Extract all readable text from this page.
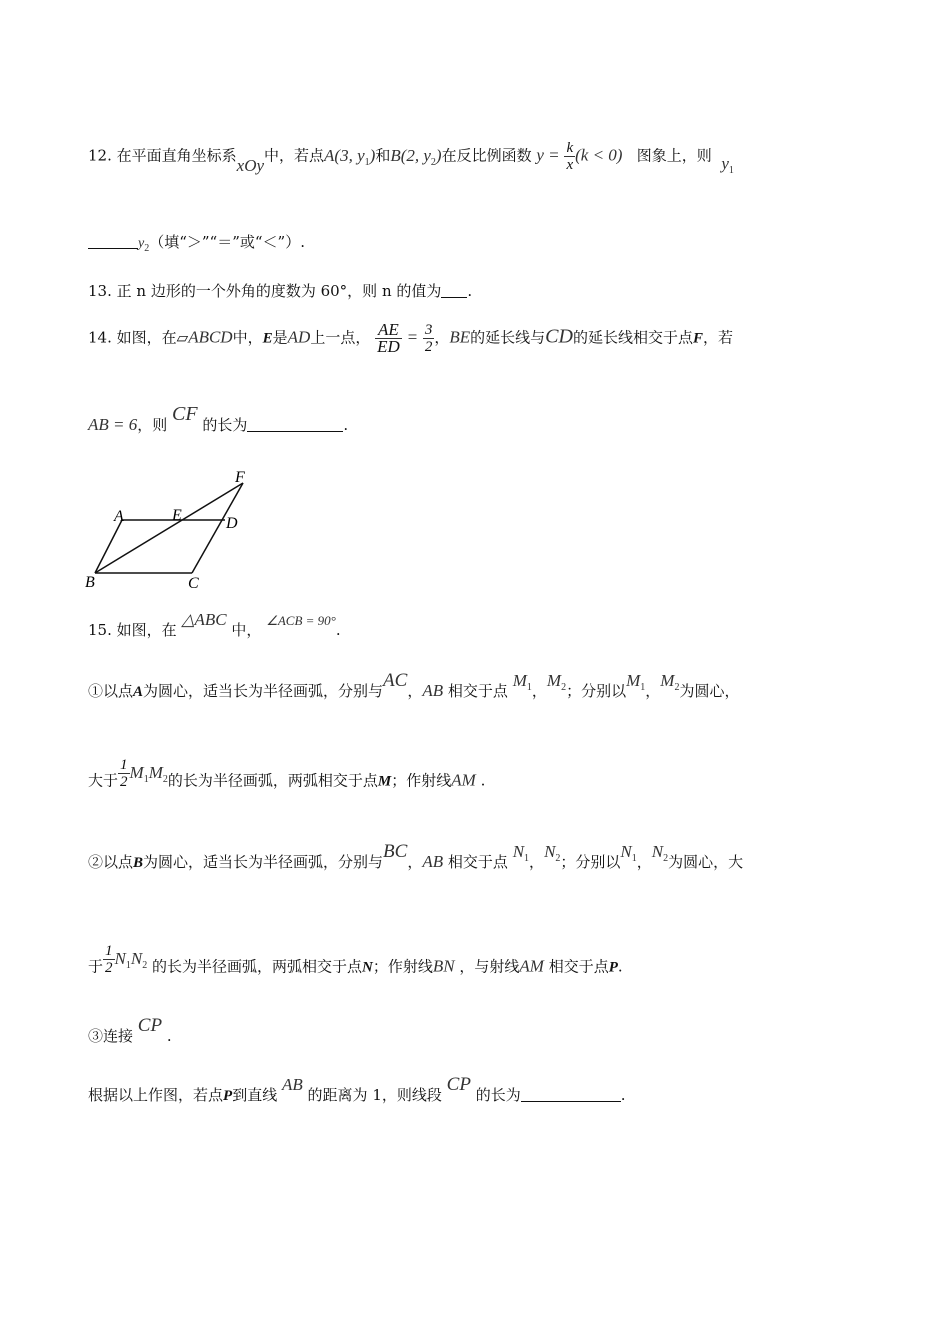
12. 在平面直角坐标系xOy中，若点A(3, $y_1$)和B(2, $y_2$)在反比例函数 $y = \frac{k}{x} (k < 0)$ 图象上，则 $y_1$
$y_2$（填“＞”“＝”或“＜”）.
13. 正 n 边形的一个外角的度数为 60°，则 n 的值为 .
14. 如图，在▱ABCD中，E是AD上一点， $\frac{AE}{ED} = \frac{3}{2}$ ，BE的延长线与CD的延长线相交于点F，若
AB = 6，则 CF 的长为	.
A	E	D
F
B	C
15. 如图，在 △ABC 中， ∠ACB = 90°.
①以点A为圆心，适当长为半径画弧，分别与AC，AB 相交于点 $M_1$，$M_2$；分别以$M_1$，$M_2$为圆心，
大于 $\frac{1}{2} M_1M_2$的长为半径画弧，两弧相交于点M；作射线AM .
②以点B为圆心，适当长为半径画弧，分别与BC，AB 相交于点 $N_1$，$N_2$；分别以$N_1$，$N_2$为圆心，大
于 $\frac{1}{2} N_1N_2$ 的长为半径画弧，两弧相交于点N；作射线BN ，与射线AM 相交于点P.
③连接 CP .
根据以上作图，若点P到直线 AB 的距离为 1，则线段 CP 的长为	.
